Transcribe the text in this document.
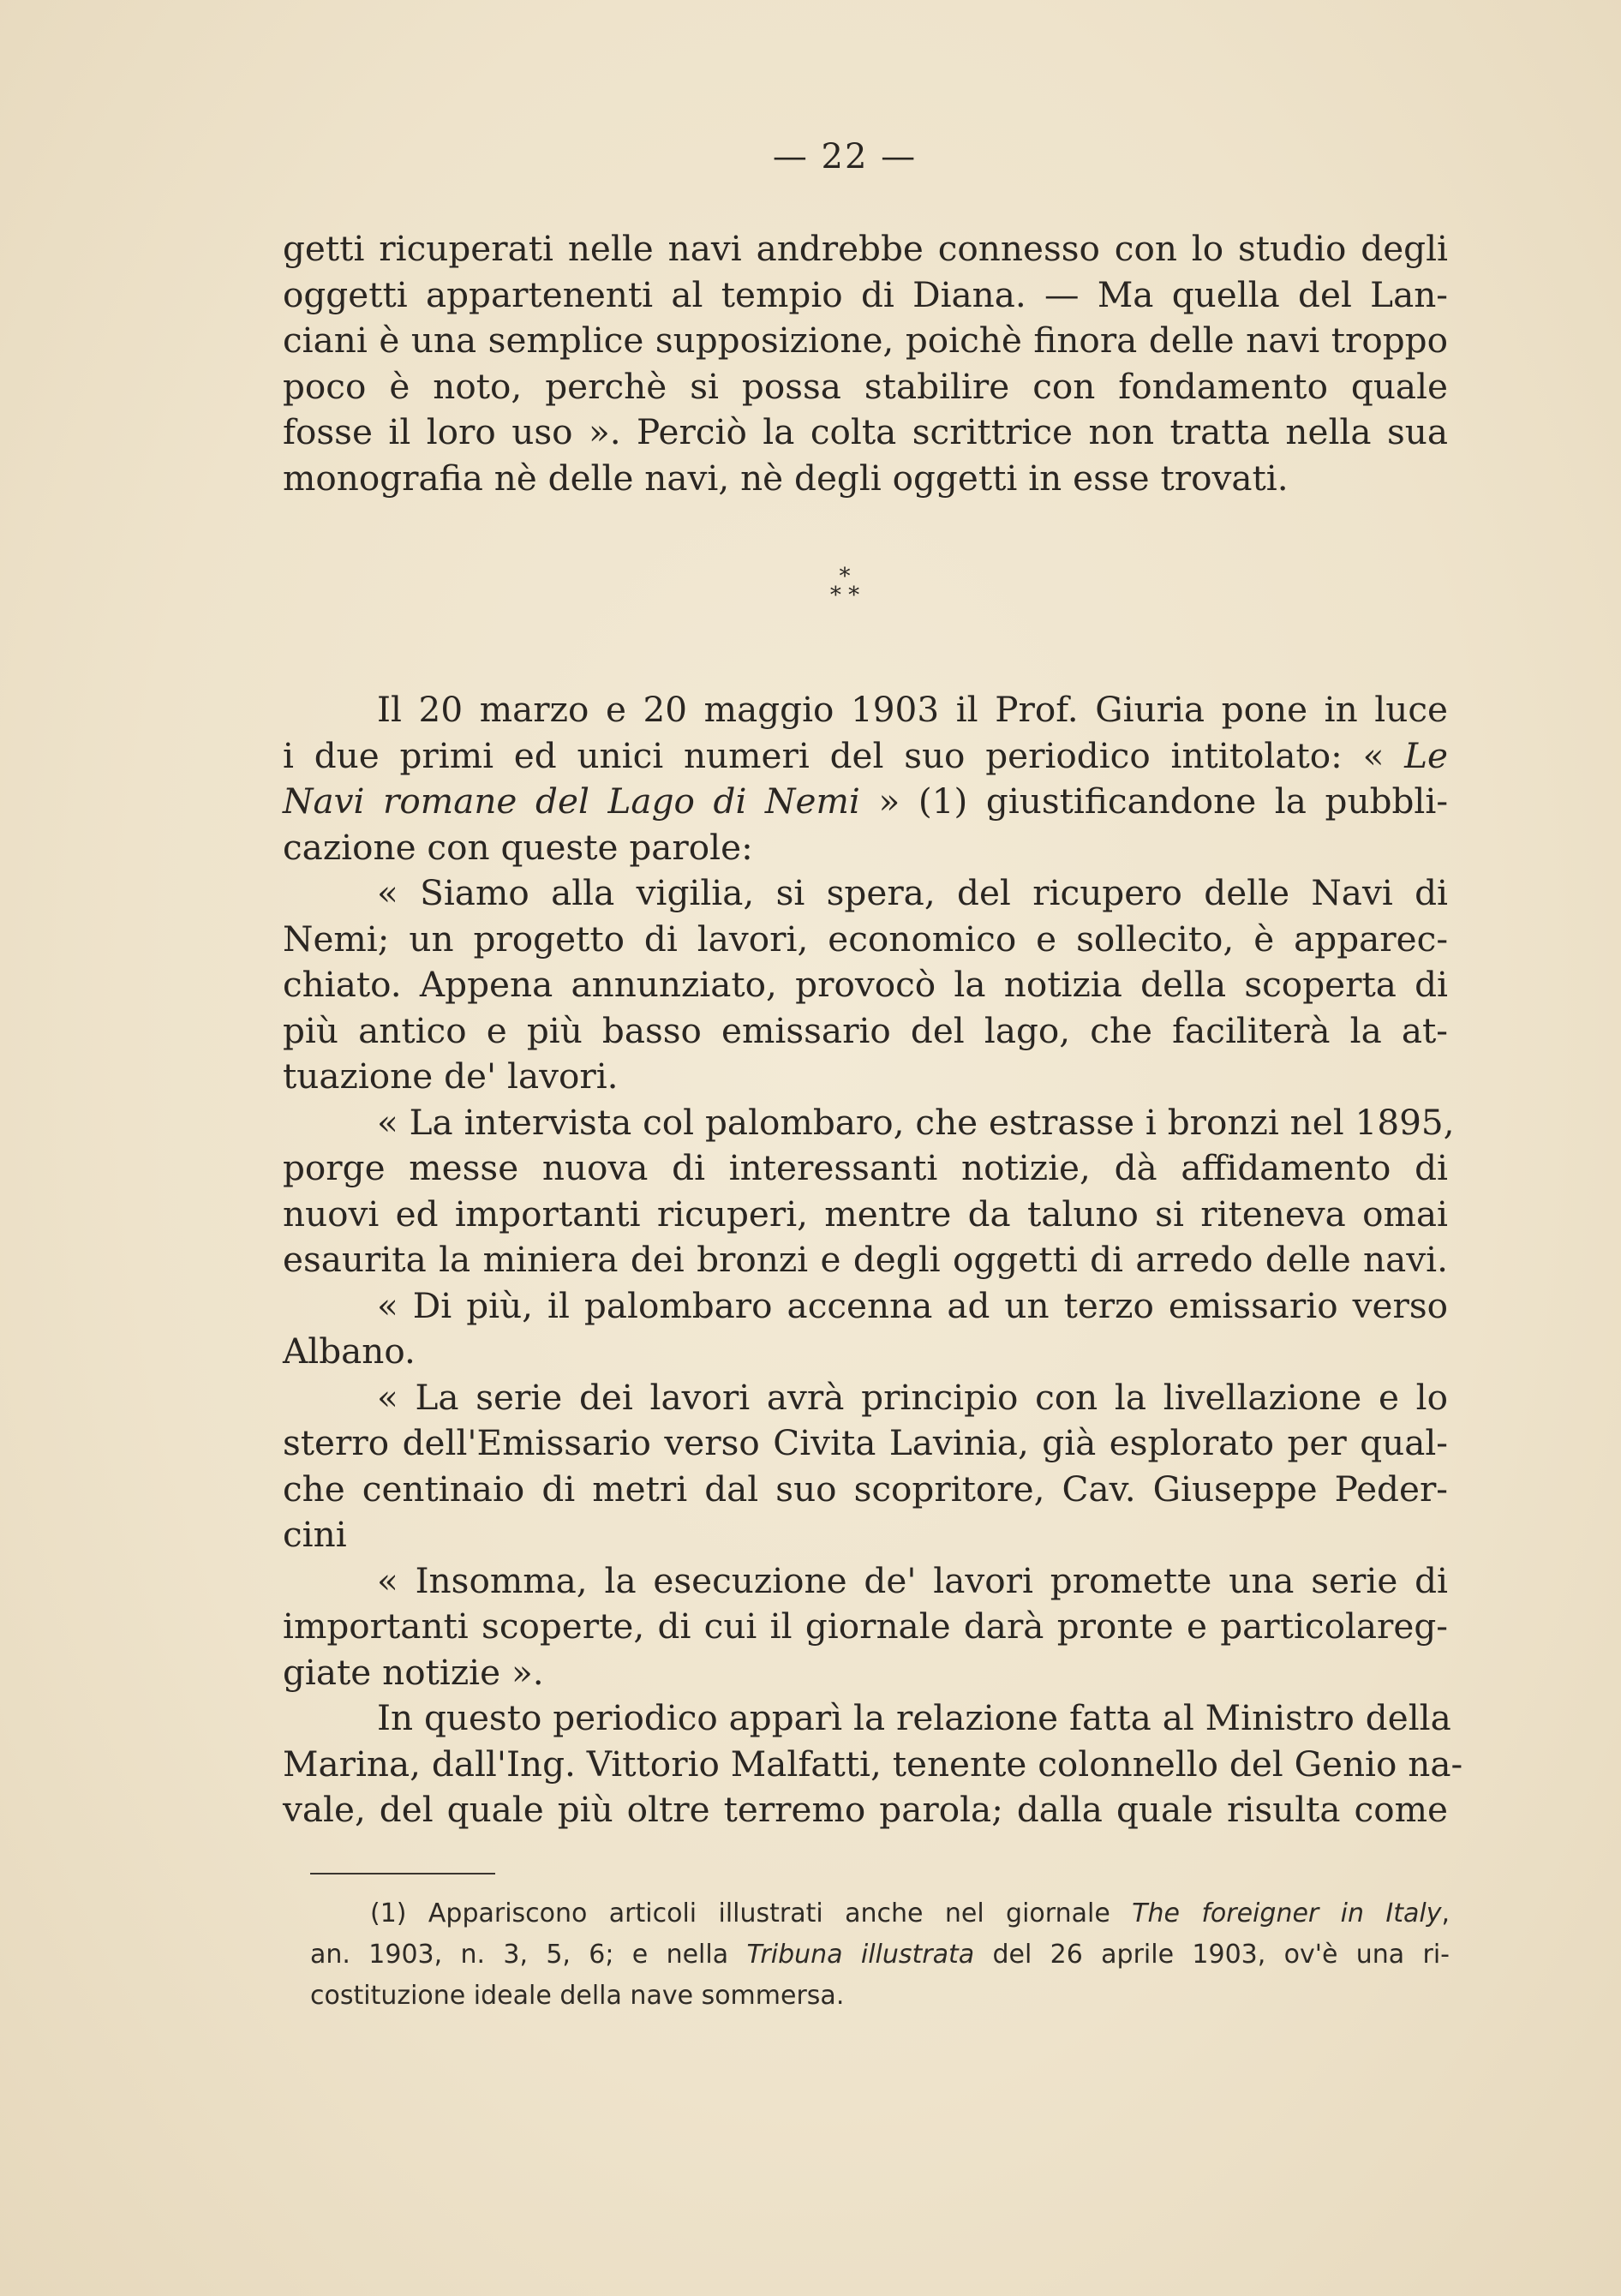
— 22 —
getti ricuperati nelle navi andrebbe connesso con lo studio degli
oggetti appartenenti al tempio di Diana. — Ma quella del Lan-
ciani è una semplice supposizione, poichè finora delle navi troppo
poco è noto, perchè si possa stabilire con fondamento quale
fosse il loro uso ». Perciò la colta scrittrice non tratta nella sua
monografia nè delle navi, nè degli oggetti in esse trovati.
*
* *
Il 20 marzo e 20 maggio 1903 il Prof. Giuria pone in luce
i due primi ed unici numeri del suo periodico intitolato: « Le
Navi romane del Lago di Nemi » (1) giustificandone la pubbli-
cazione con queste parole:
« Siamo alla vigilia, si spera, del ricupero delle Navi di
Nemi; un progetto di lavori, economico e sollecito, è apparec-
chiato. Appena annunziato, provocò la notizia della scoperta di
più antico e più basso emissario del lago, che faciliterà la at-
tuazione de' lavori.
« La intervista col palombaro, che estrasse i bronzi nel 1895,
porge messe nuova di interessanti notizie, dà affidamento di
nuovi ed importanti ricuperi, mentre da taluno si riteneva omai
esaurita la miniera dei bronzi e degli oggetti di arredo delle navi.
« Di più, il palombaro accenna ad un terzo emissario verso
Albano.
« La serie dei lavori avrà principio con la livellazione e lo
sterro dell'Emissario verso Civita Lavinia, già esplorato per qual-
che centinaio di metri dal suo scopritore, Cav. Giuseppe Peder-
cini
« Insomma, la esecuzione de' lavori promette una serie di
importanti scoperte, di cui il giornale darà pronte e particolareg-
giate notizie ».
In questo periodico apparì la relazione fatta al Ministro della
Marina, dall'Ing. Vittorio Malfatti, tenente colonnello del Genio na-
vale, del quale più oltre terremo parola; dalla quale risulta come
(1) Appariscono articoli illustrati anche nel giornale The foreigner in Italy,
an. 1903, n. 3, 5, 6; e nella Tribuna illustrata del 26 aprile 1903, ov'è una ri-
costituzione ideale della nave sommersa.
